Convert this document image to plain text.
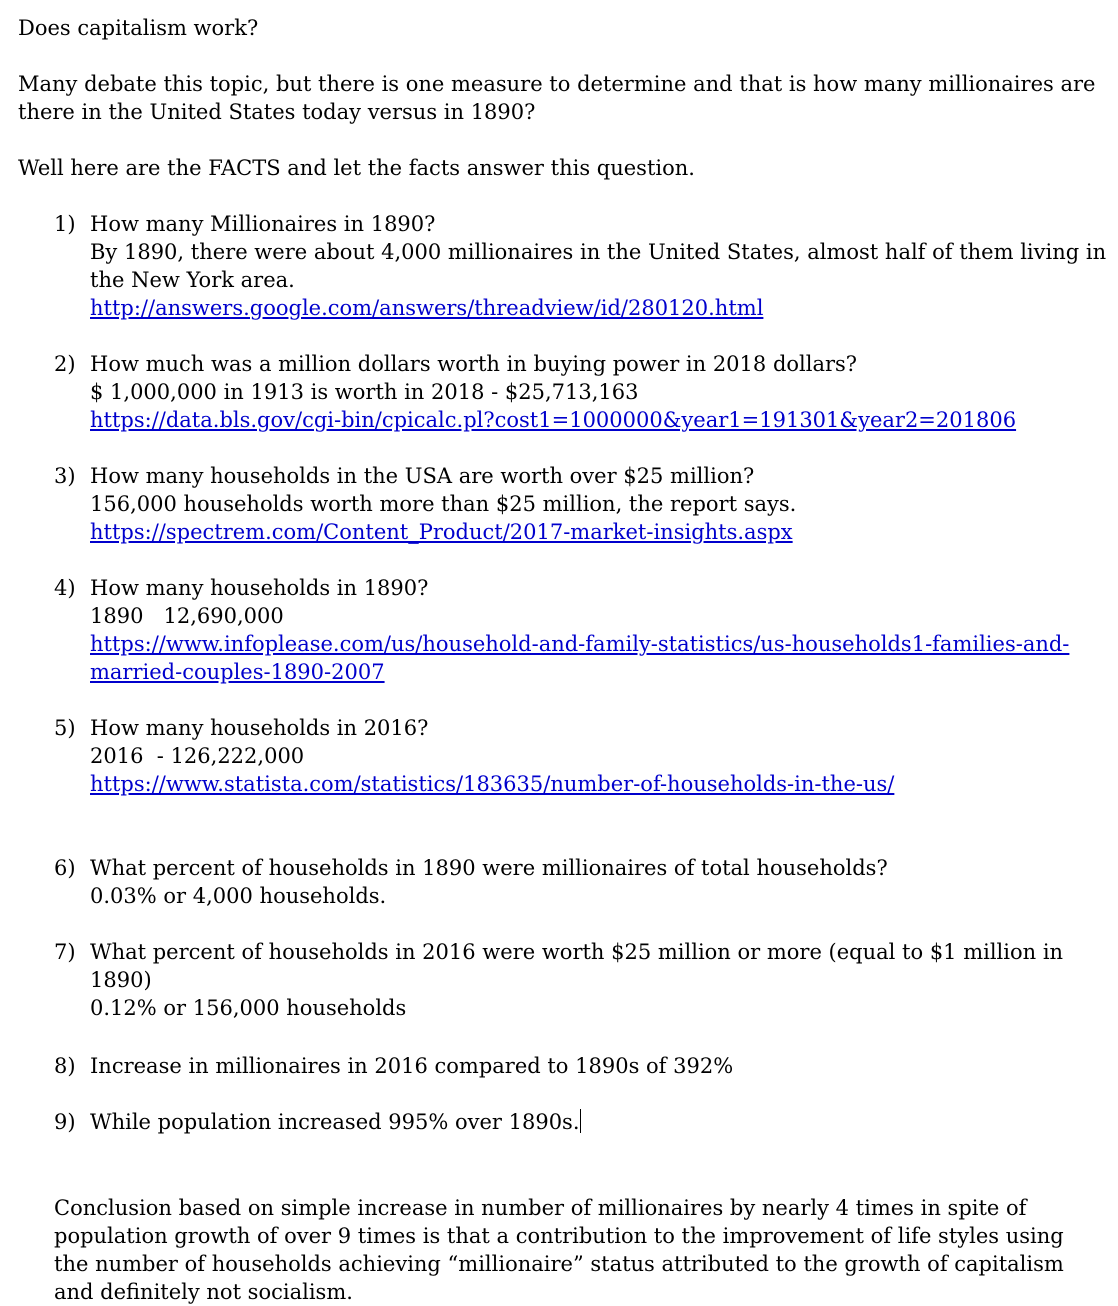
Does capitalism work?

Many debate this topic, but there is one measure to determine and that is how many millionaires are there in the United States today versus in 1890?

Well here are the FACTS and let the facts answer this question.

1) How many Millionaires in 1890?
By 1890, there were about 4,000 millionaires in the United States, almost half of them living in the New York area.
http://answers.google.com/answers/threadview/id/280120.html
2) How much was a million dollars worth in buying power in 2018 dollars?
$ 1,000,000 in 1913 is worth in 2018 - $25,713,163
https://data.bls.gov/cgi-bin/cpicalc.pl?cost1=1000000&year1=191301&year2=201806
3) How many households in the USA are worth over $25 million?
156,000 households worth more than $25 million, the report says.
https://spectrem.com/Content_Product/2017-market-insights.aspx
4) How many households in 1890?
1890   12,690,000
https://www.infoplease.com/us/household-and-family-statistics/us-households1-families-and-married-couples-1890-2007
5) How many households in 2016?
2016  - 126,222,000
https://www.statista.com/statistics/183635/number-of-households-in-the-us/
6) What percent of households in 1890 were millionaires of total households?
0.03% or 4,000 households.
7) What percent of households in 2016 were worth $25 million or more (equal to $1 million in 1890)
0.12% or 156,000 households
8) Increase in millionaires in 2016 compared to 1890s of 392%
9) While population increased 995% over 1890s.

Conclusion based on simple increase in number of millionaires by nearly 4 times in spite of population growth of over 9 times is that a contribution to the improvement of life styles using the number of households achieving “millionaire” status attributed to the growth of capitalism and definitely not socialism.
